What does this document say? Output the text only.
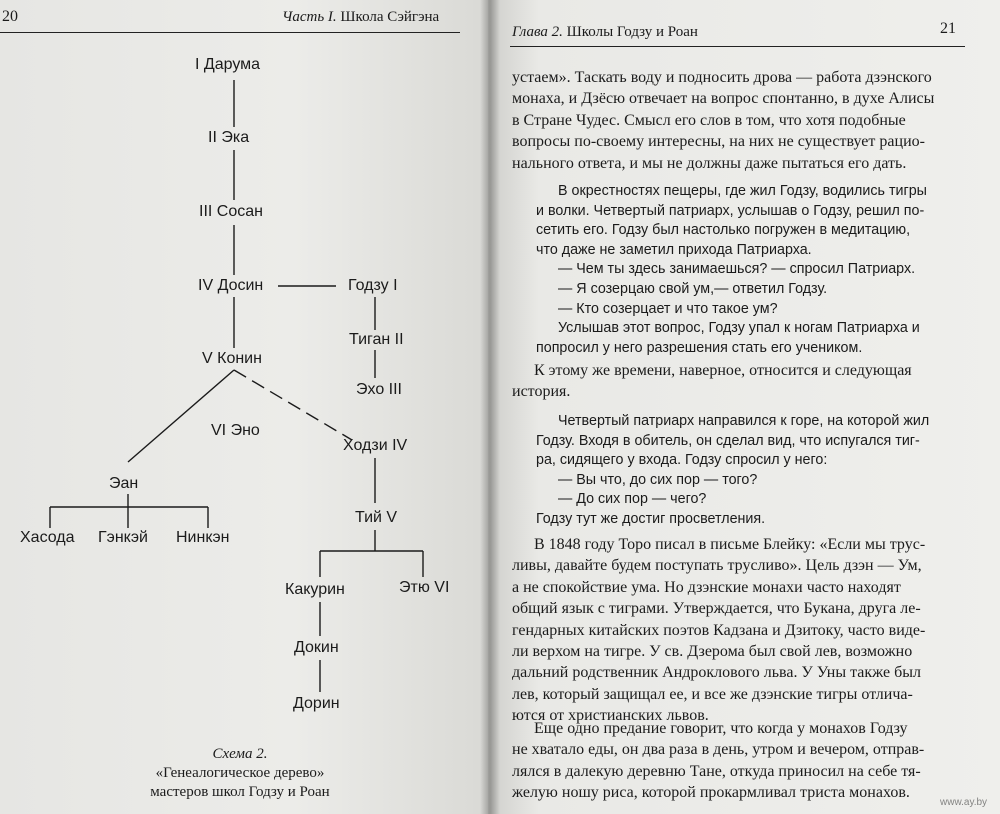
20	Часть I. Школа Сэйгэна
I Дарума
II Эка
III Сосан
IV Досин	Годзу I
Тиган II
V Конин
Эхо III
VI Эно
Ходзи IV
Эан
Тий V
Хасода Гэнкэй Нинкэн
Какурин	Этю VI
Докин
Дорин
Схема 2.
«Генеалогическое дерево»
мастеров школ Годзу и Роан
Глава 2. Школы Годзу и Роан	21

устаем». Таскать воду и подносить дрова — работа дзэнского

монаха, и Дзёсю отвечает на вопрос спонтанно, в духе Алисы

в Стране Чудес. Смысл его слов в том, что хотя подобные

вопросы по-своему интересны, на них не существует рацио-

нального ответа, и мы не должны даже пытаться его дать.

В окрестностях пещеры, где жил Годзу, водились тигры

и волки. Четвертый патриарх, услышав о Годзу, решил по-

сетить его. Годзу был настолько погружен в медитацию,

что даже не заметил прихода Патриарха.

— Чем ты здесь занимаешься? — спросил Патриарх.

— Я созерцаю свой ум,— ответил Годзу.

— Кто созерцает и что такое ум?

Услышав этот вопрос, Годзу упал к ногам Патриарха и

попросил у него разрешения стать его учеником.

К этому же времени, наверное, относится и следующая

история.

Четвертый патриарх направился к горе, на которой жил

Годзу. Входя в обитель, он сделал вид, что испугался тиг-

ра, сидящего у входа. Годзу спросил у него:

— Вы что, до сих пор — того?

— До сих пор — чего?

Годзу тут же достиг просветления.

В 1848 году Торо писал в письме Блейку: «Если мы трус-

ливы, давайте будем поступать трусливо». Цель дзэн — Ум,

а не спокойствие ума. Но дзэнские монахи часто находят

общий язык с тиграми. Утверждается, что Букана, друга ле-

гендарных китайских поэтов Кадзана и Дзитоку, часто виде-

ли верхом на тигре. У св. Дзерома был свой лев, возможно

дальний родственник Андроклового льва. У Уны также был

лев, который защищал ее, и все же дзэнские тигры отлича-

ются от христианских львов.

Еще одно предание говорит, что когда у монахов Годзу

не хватало еды, он два раза в день, утром и вечером, отправ-

лялся в далекую деревню Тане, откуда приносил на себе тя-

желую ношу риса, которой прокармливал триста монахов.

www.ay.by
